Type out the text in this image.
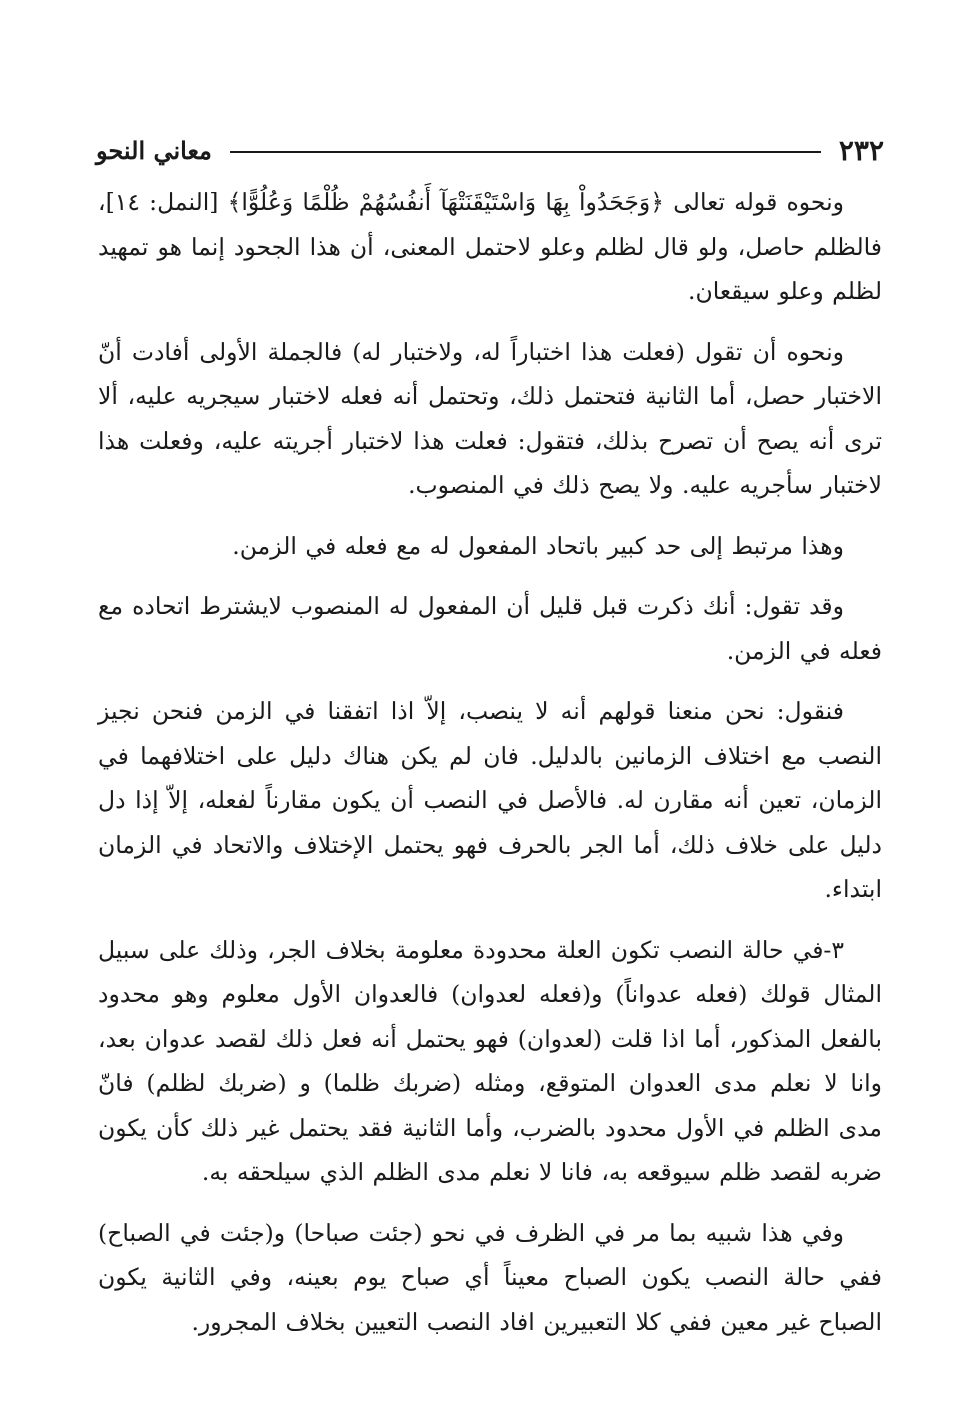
٢٣٢
معاني النحو

ونحوه قوله تعالى ﴿وَجَحَدُواْ بِهَا وَاسْتَيْقَنَتْهَآ أَنفُسُهُمْ ظُلْمًا وَعُلُوًّا﴾ [النمل: ١٤]، فالظلم حاصل، ولو قال لظلم وعلو لاحتمل المعنى، أن هذا الجحود إنما هو تمهيد لظلم وعلو سيقعان.

ونحوه أن تقول (فعلت هذا اختباراً له، ولاختبار له) فالجملة الأولى أفادت أنّ الاختبار حصل، أما الثانية فتحتمل ذلك، وتحتمل أنه فعله لاختبار سيجريه عليه، ألا ترى أنه يصح أن تصرح بذلك، فتقول: فعلت هذا لاختبار أجريته عليه، وفعلت هذا لاختبار سأجريه عليه. ولا يصح ذلك في المنصوب.

وهذا مرتبط إلى حد كبير باتحاد المفعول له مع فعله في الزمن.

وقد تقول: أنك ذكرت قبل قليل أن المفعول له المنصوب لايشترط اتحاده مع فعله في الزمن.

فنقول: نحن منعنا قولهم أنه لا ينصب، إلاّ اذا اتفقنا في الزمن فنحن نجيز النصب مع اختلاف الزمانين بالدليل. فان لم يكن هناك دليل على اختلافهما في الزمان، تعين أنه مقارن له. فالأصل في النصب أن يكون مقارناً لفعله، إلاّ إذا دل دليل على خلاف ذلك، أما الجر بالحرف فهو يحتمل الإختلاف والاتحاد في الزمان ابتداء.

٣-في حالة النصب تكون العلة محدودة معلومة بخلاف الجر، وذلك على سبيل المثال قولك (فعله عدواناً) و(فعله لعدوان) فالعدوان الأول معلوم وهو محدود بالفعل المذكور، أما اذا قلت (لعدوان) فهو يحتمل أنه فعل ذلك لقصد عدوان بعد، وانا لا نعلم مدى العدوان المتوقع، ومثله (ضربك ظلما) و (ضربك لظلم) فانّ مدى الظلم في الأول محدود بالضرب، وأما الثانية فقد يحتمل غير ذلك كأن يكون ضربه لقصد ظلم سيوقعه به، فانا لا نعلم مدى الظلم الذي سيلحقه به.

وفي هذا شبيه بما مر في الظرف في نحو (جئت صباحا) و(جئت في الصباح) ففي حالة النصب يكون الصباح معيناً أي صباح يوم بعينه، وفي الثانية يكون الصباح غير معين ففي كلا التعبيرين افاد النصب التعيين بخلاف المجرور.
